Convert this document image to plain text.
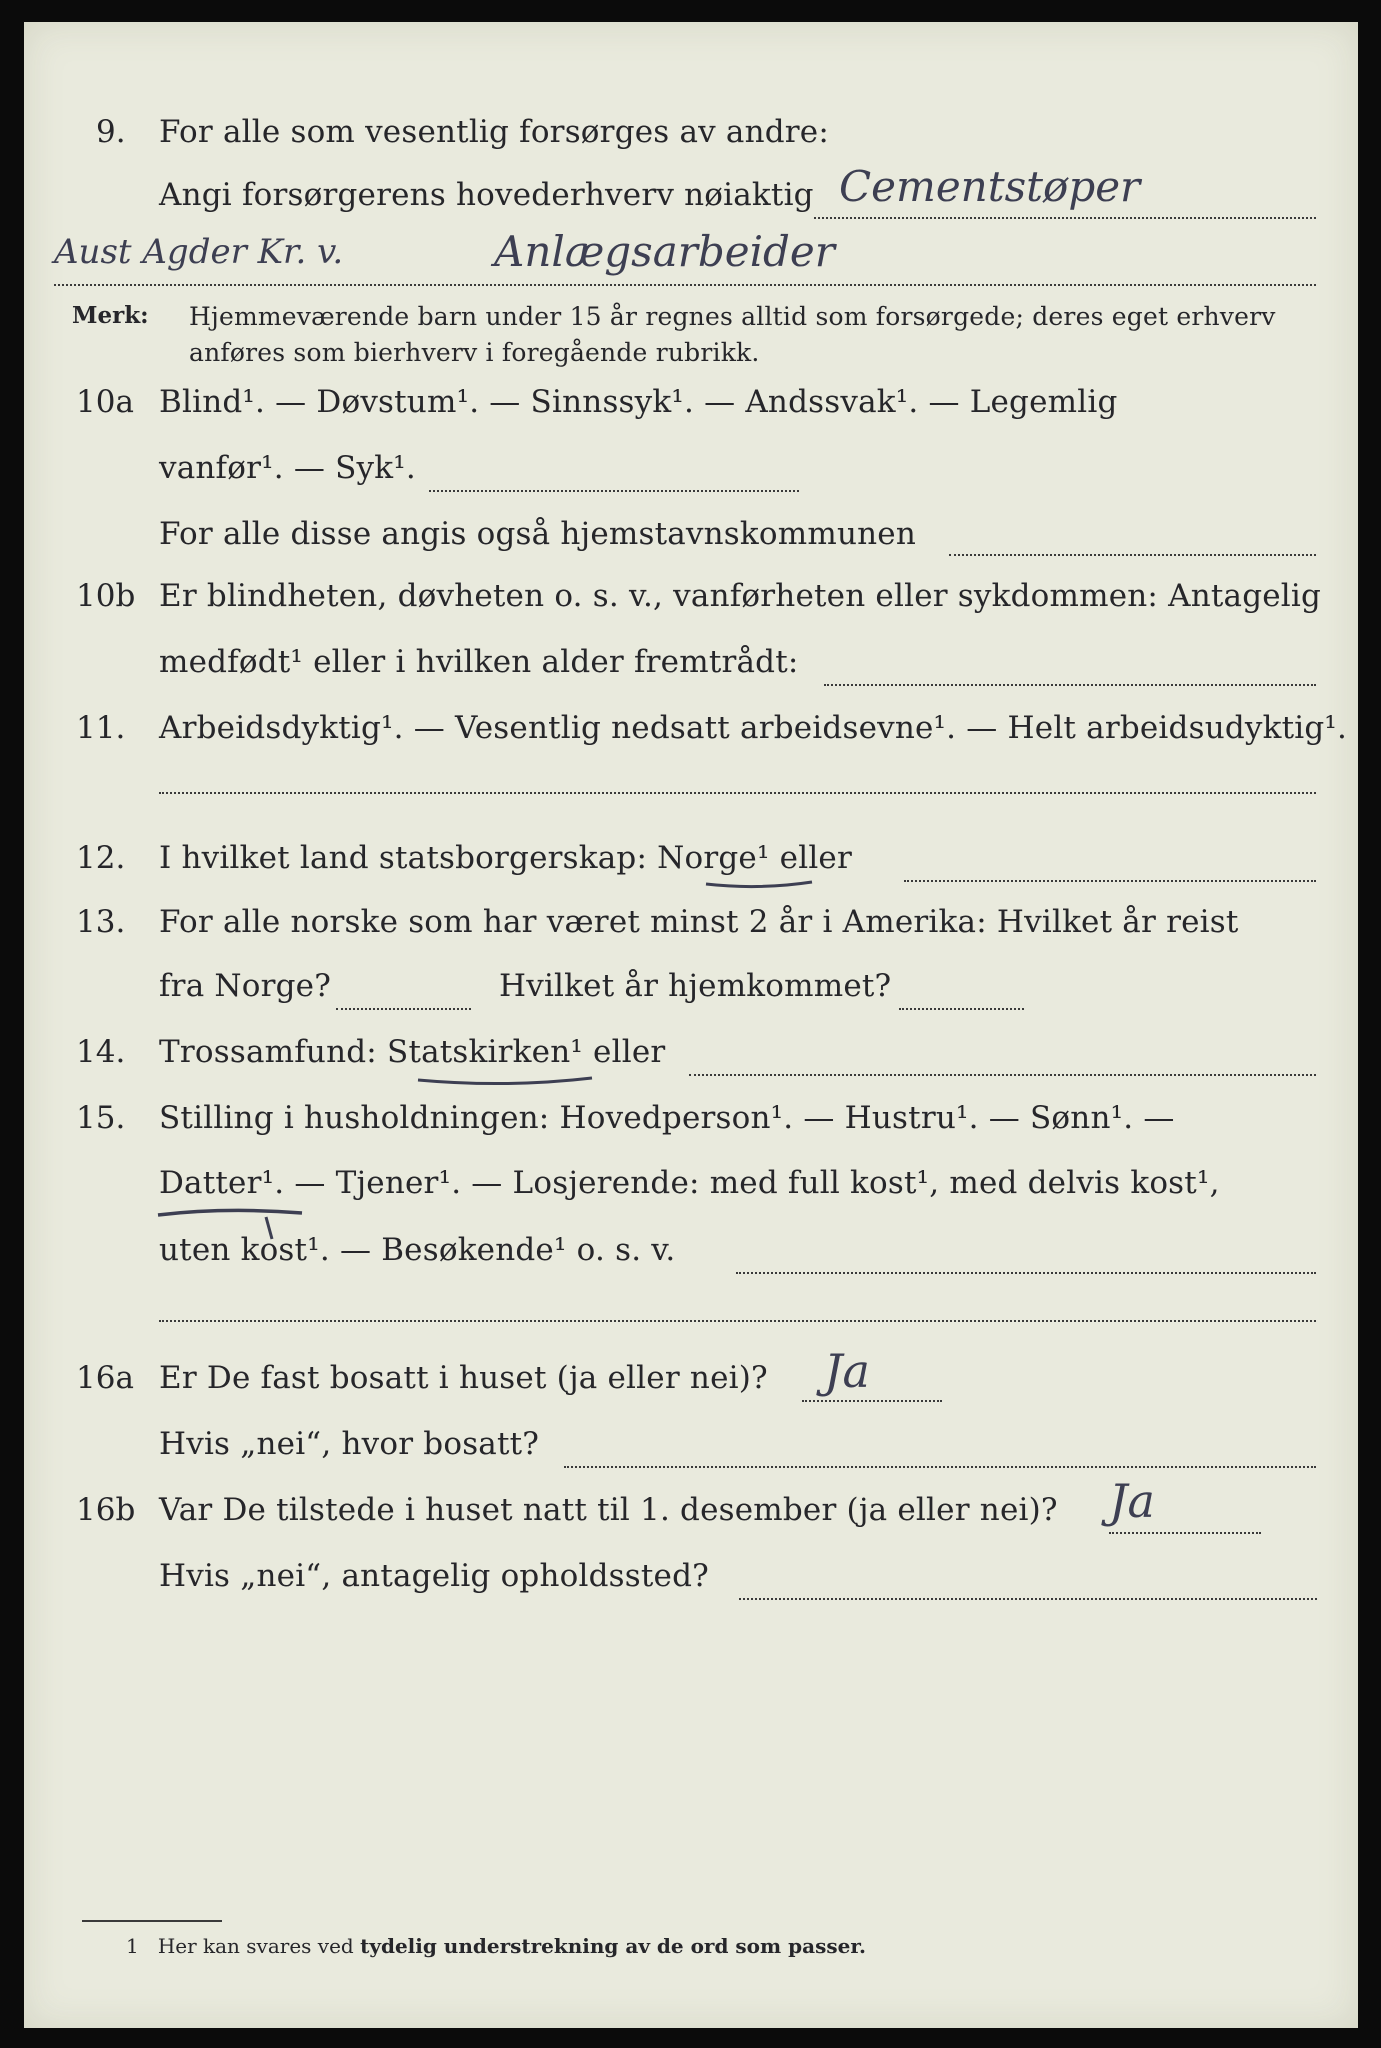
9. For alle som vesentlig forsørges av andre:
Angi forsørgerens hovederhverv nøiaktig Cementstøper
Aust Agder Kr. v.	Anlægsarbeider
Merk: Hjemmeværende barn under 15 år regnes alltid som forsørgede; deres eget erhverv
anføres som bierhverv i foregående rubrikk.
10a Blind¹. — Døvstum¹. — Sinnssyk¹. — Andssvak¹. — Legemlig
vanfør¹. — Syk¹.
For alle disse angis også hjemstavnskommunen
10b Er blindheten, døvheten o. s. v., vanførheten eller sykdommen: Antagelig
medfødt¹ eller i hvilken alder fremtrådt:
11. Arbeidsdyktig¹. — Vesentlig nedsatt arbeidsevne¹. — Helt arbeidsudyktig¹.
12. I hvilket land statsborgerskap: Norge¹ eller
13. For alle norske som har været minst 2 år i Amerika: Hvilket år reist
fra Norge?	Hvilket år hjemkommet?
14. Trossamfund: Statskirken¹ eller
15. Stilling i husholdningen: Hovedperson¹. — Hustru¹. — Sønn¹. —
Datter¹. — Tjener¹. — Losjerende: med full kost¹, med delvis kost¹,
uten kost¹. — Besøkende¹ o. s. v.
16a Er De fast bosatt i huset (ja eller nei)? Ja
Hvis „nei“, hvor bosatt?
16b Var De tilstede i huset natt til 1. desember (ja eller nei)? Ja
Hvis „nei“, antagelig opholdssted?
1 Her kan svares ved tydelig understrekning av de ord som passer.
